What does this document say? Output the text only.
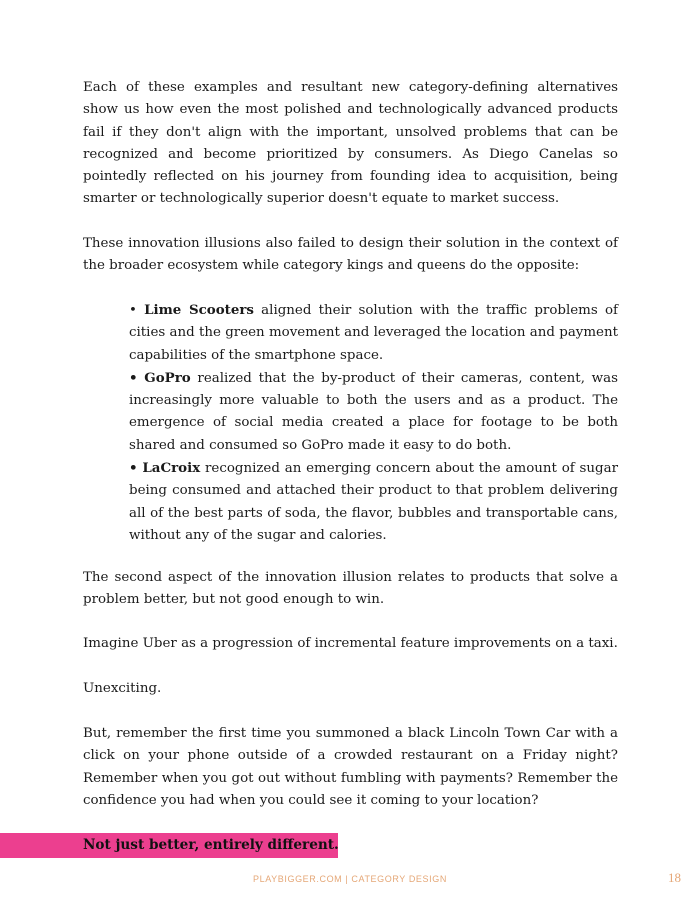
Each of these examples and resultant new category-defining alternatives show us how even the most polished and technologically advanced products fail if they don't align with the important, unsolved problems that can be recognized and become prioritized by consumers. As Diego Canelas so pointedly reflected on his journey from founding idea to acquisition, being smarter or technologically superior doesn't equate to market success.

These innovation illusions also failed to design their solution in the context of the broader ecosystem while category kings and queens do the opposite:

• Lime Scooters aligned their solution with the traffic problems of cities and the green movement and leveraged the location and payment capabilities of the smartphone space.
• GoPro realized that the by-product of their cameras, content, was increasingly more valuable to both the users and as a product. The emergence of social media created a place for footage to be both shared and consumed so GoPro made it easy to do both.
• LaCroix recognized an emerging concern about the amount of sugar being consumed and attached their product to that problem delivering all of the best parts of soda, the flavor, bubbles and transportable cans, without any of the sugar and calories.

The second aspect of the innovation illusion relates to products that solve a problem better, but not good enough to win.

Imagine Uber as a progression of incremental feature improvements on a taxi.

Unexciting.

But, remember the first time you summoned a black Lincoln Town Car with a click on your phone outside of a crowded restaurant on a Friday night? Remember when you got out without fumbling with payments? Remember the confidence you had when you could see it coming to your location?

Not just better, entirely different.
PLAYBIGGER.COM | CATEGORY DESIGN	18
